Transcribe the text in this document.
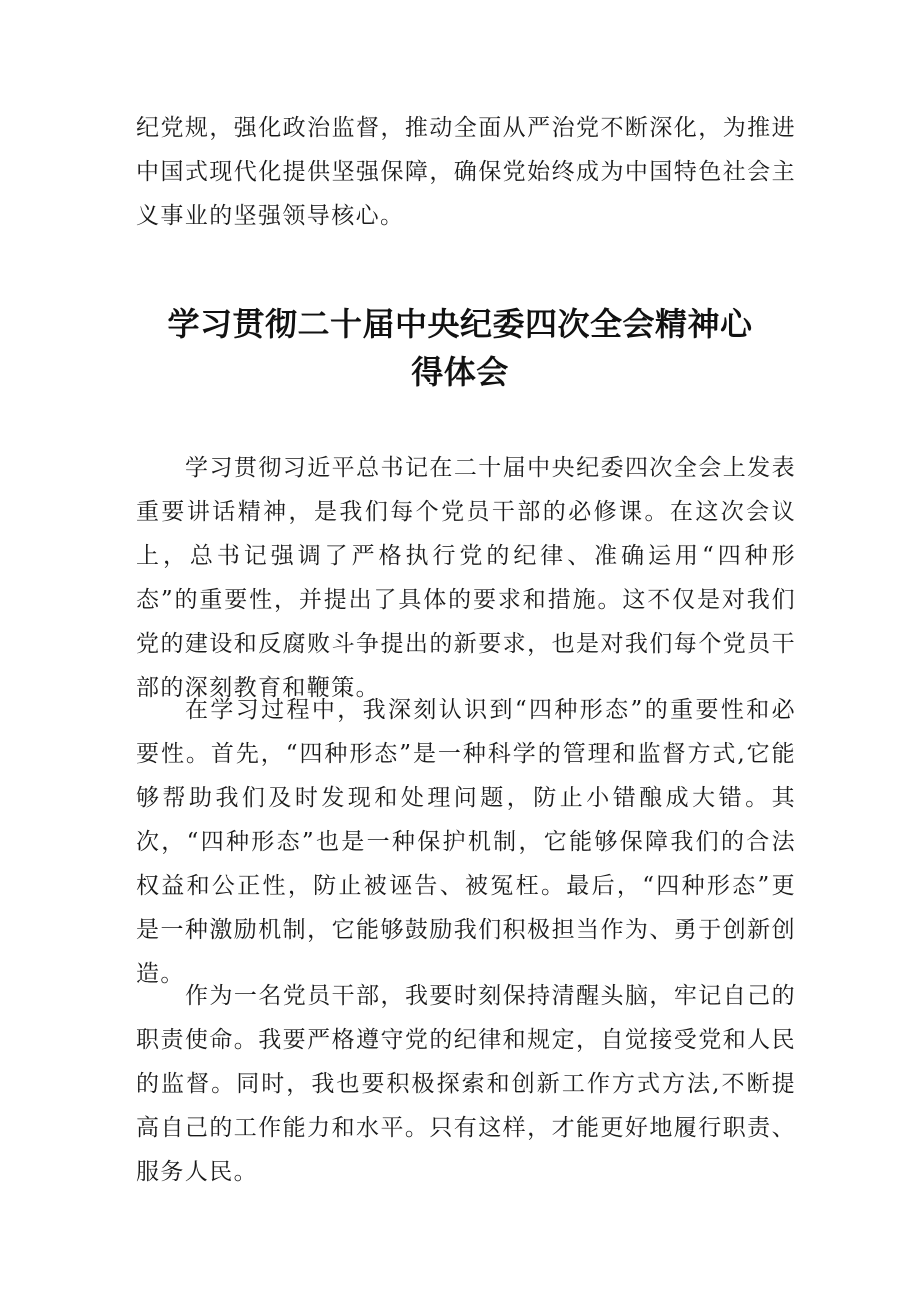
纪党规，强化政治监督，推动全面从严治党不断深化，为推进中国式现代化提供坚强保障，确保党始终成为中国特色社会主义事业的坚强领导核心。

学习贯彻二十届中央纪委四次全会精神心
得体会

学习贯彻习近平总书记在二十届中央纪委四次全会上发表重要讲话精神，是我们每个党员干部的必修课。在这次会议上，总书记强调了严格执行党的纪律、准确运用“四种形态”的重要性，并提出了具体的要求和措施。这不仅是对我们党的建设和反腐败斗争提出的新要求，也是对我们每个党员干部的深刻教育和鞭策。

在学习过程中，我深刻认识到“四种形态”的重要性和必要性。首先，“四种形态”是一种科学的管理和监督方式,它能够帮助我们及时发现和处理问题，防止小错酿成大错。其次，“四种形态”也是一种保护机制，它能够保障我们的合法权益和公正性，防止被诬告、被冤枉。最后，“四种形态”更是一种激励机制，它能够鼓励我们积极担当作为、勇于创新创造。

作为一名党员干部，我要时刻保持清醒头脑，牢记自己的职责使命。我要严格遵守党的纪律和规定，自觉接受党和人民的监督。同时，我也要积极探索和创新工作方式方法,不断提高自己的工作能力和水平。只有这样，才能更好地履行职责、服务人民。
